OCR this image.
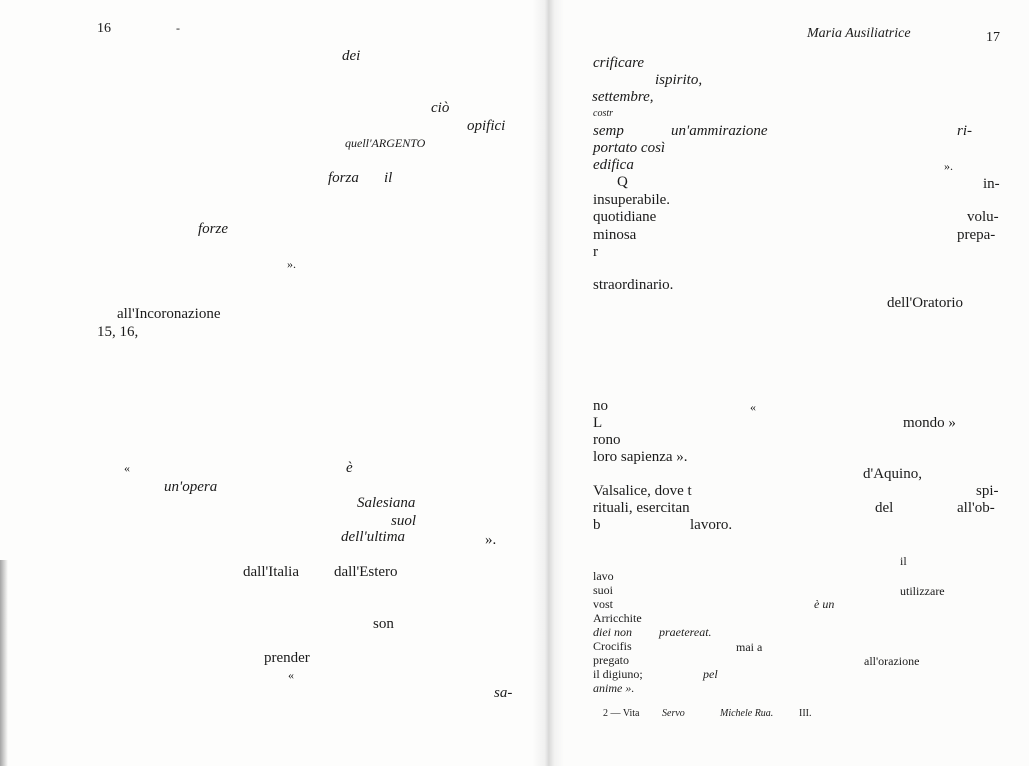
16	-
dei
ciò
opifici
quell'ARGENTO
forza il
forze
».
all'Incoronazione
15, 16,
«	è
un'opera
Salesiana
suol
dell'ultima	».
dall'Italia dall'Estero
son
prender
«
sa-
Maria Ausiliatrice	17
crificare
ispirito,
settembre,
costr
semp	un'ammirazione	ri-
portato così
edifica	».
Q	in-
insuperabile.
quotidiane	volu-
minosa	prepa-
r
straordinario.
dell'Oratorio
no	«
L	mondo »
rono
loro sapienza ».
d'Aquino,
Valsalice, dove t	spi-
rituali, esercitan	del	all'ob-
b	lavoro.
il
lavo
suoi	utilizzare
vost	è un
Arricchite
diei non praetereat.
Crocifis	mai a
pregato	all'orazione
il digiuno;	pel
anime ».
2 — Vita Servo	Michele Rua.	III.
